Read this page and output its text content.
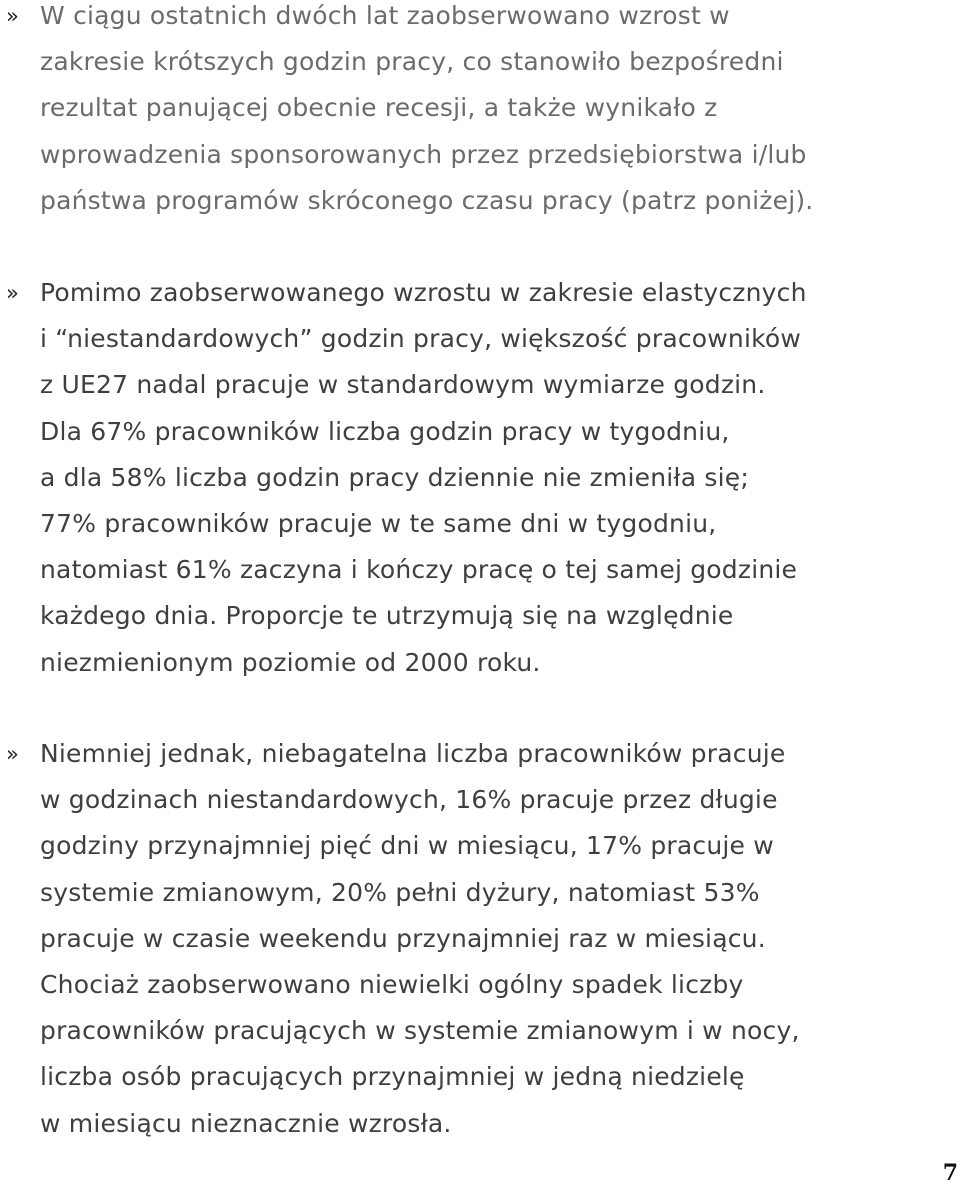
» W ciągu ostatnich dwóch lat zaobserwowano wzrost w
zakresie krótszych godzin pracy, co stanowiło bezpośredni
rezultat panującej obecnie recesji, a także wynikało z
wprowadzenia sponsorowanych przez przedsiębiorstwa i/lub
państwa programów skróconego czasu pracy (patrz poniżej).
» Pomimo zaobserwowanego wzrostu w zakresie elastycznych
i “niestandardowych” godzin pracy, większość pracowników
z UE27 nadal pracuje w standardowym wymiarze godzin.
Dla 67% pracowników liczba godzin pracy w tygodniu,
a dla 58% liczba godzin pracy dziennie nie zmieniła się;
77% pracowników pracuje w te same dni w tygodniu,
natomiast 61% zaczyna i kończy pracę o tej samej godzinie
każdego dnia. Proporcje te utrzymują się na względnie
niezmienionym poziomie od 2000 roku.
» Niemniej jednak, niebagatelna liczba pracowników pracuje
w godzinach niestandardowych, 16% pracuje przez długie
godziny przynajmniej pięć dni w miesiącu, 17% pracuje w
systemie zmianowym, 20% pełni dyżury, natomiast 53%
pracuje w czasie weekendu przynajmniej raz w miesiącu.
Chociaż zaobserwowano niewielki ogólny spadek liczby
pracowników pracujących w systemie zmianowym i w nocy,
liczba osób pracujących przynajmniej w jedną niedzielę
w miesiącu nieznacznie wzrosła.
7
